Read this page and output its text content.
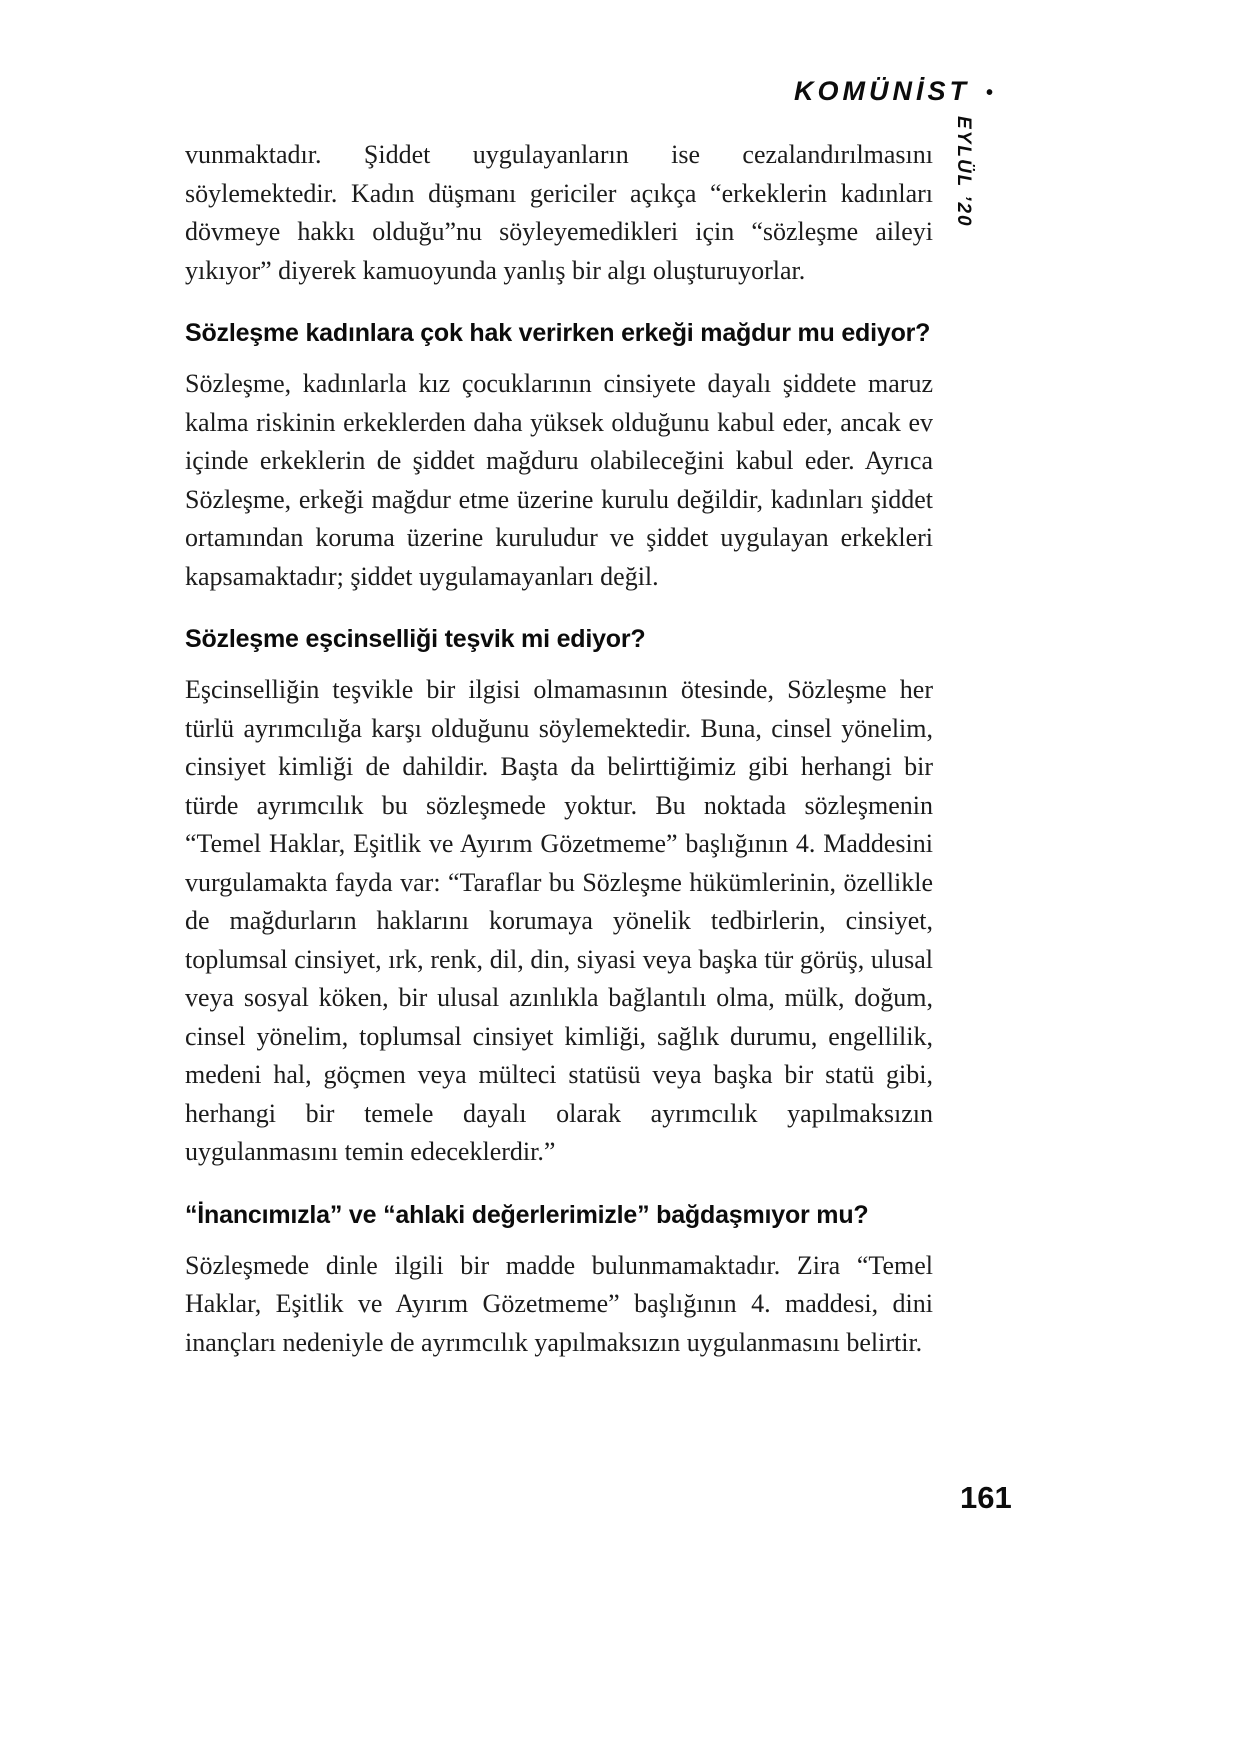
KOMÜNİST •
EYLÜL ’20

vunmaktadır. Şiddet uygulayanların ise cezalandırılmasını söylemektedir. Kadın düşmanı gericiler açıkça “erkeklerin kadınları dövmeye hakkı olduğu”nu söyleyemedikleri için “sözleşme aileyi yıkıyor” diyerek kamuoyunda yanlış bir algı oluşturuyorlar.

Sözleşme kadınlara çok hak verirken erkeği mağdur mu ediyor?

Sözleşme, kadınlarla kız çocuklarının cinsiyete dayalı şiddete maruz kalma riskinin erkeklerden daha yüksek olduğunu kabul eder, ancak ev içinde erkeklerin de şiddet mağduru olabileceğini kabul eder. Ayrıca Sözleşme, erkeği mağdur etme üzerine kurulu değildir, kadınları şiddet ortamından koruma üzerine kuruludur ve şiddet uygulayan erkekleri kapsamaktadır; şiddet uygulamayanları değil.

Sözleşme eşcinselliği teşvik mi ediyor?

Eşcinselliğin teşvikle bir ilgisi olmamasının ötesinde, Sözleşme her türlü ayrımcılığa karşı olduğunu söylemektedir. Buna, cinsel yönelim, cinsiyet kimliği de dahildir. Başta da belirttiğimiz gibi herhangi bir türde ayrımcılık bu sözleşmede yoktur. Bu noktada sözleşmenin “Temel Haklar, Eşitlik ve Ayırım Gözetmeme” başlığının 4. Maddesini vurgulamakta fayda var: “Taraflar bu Sözleşme hükümlerinin, özellikle de mağdurların haklarını korumaya yönelik tedbirlerin, cinsiyet, toplumsal cinsiyet, ırk, renk, dil, din, siyasi veya başka tür görüş, ulusal veya sosyal köken, bir ulusal azınlıkla bağlantılı olma, mülk, doğum, cinsel yönelim, toplumsal cinsiyet kimliği, sağlık durumu, engellilik, medeni hal, göçmen veya mülteci statüsü veya başka bir statü gibi, herhangi bir temele dayalı olarak ayrımcılık yapılmaksızın uygulanmasını temin edeceklerdir.”

“İnancımızla” ve “ahlaki değerlerimizle” bağdaşmıyor mu?

Sözleşmede dinle ilgili bir madde bulunmamaktadır. Zira “Temel Haklar, Eşitlik ve Ayırım Gözetmeme” başlığının 4. maddesi, dini inançları nedeniyle de ayrımcılık yapılmaksızın uygulanmasını belirtir.

161
